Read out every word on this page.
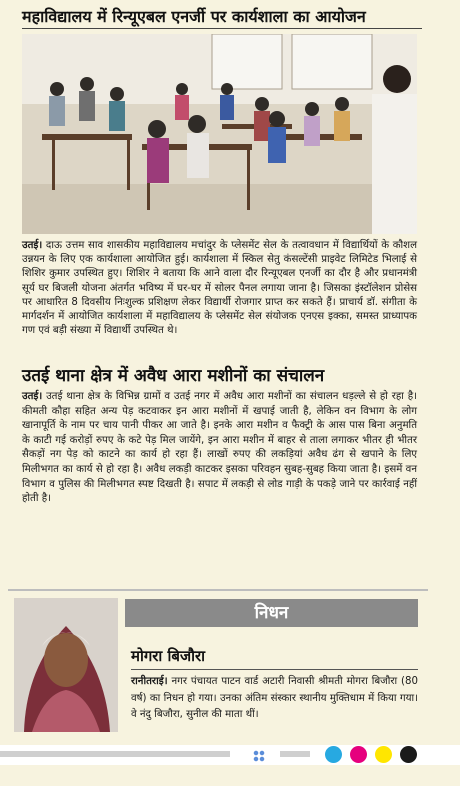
महाविद्यालय में रिन्यूएबल एनर्जी पर कार्यशाला का आयोजन
उतई। दाऊ उत्तम साव शासकीय महाविद्यालय मचांदुर के प्लेसमेंट सेल के तत्वावधान में विद्यार्थियों के कौशल उन्नयन के लिए एक कार्यशाला आयोजित हुई। कार्यशाला में स्किल सेतु कंसल्टेंसी प्राइवेट लिमिटेड भिलाई से शिशिर कुमार उपस्थित हुए। शिशिर ने बताया कि आने वाला दौर रिन्यूएबल एनर्जी का दौर है और प्रधानमंत्री सूर्य घर बिजली योजना अंतर्गत भविष्य में घर-घर में सोलर पैनल लगाया जाना है। जिसका इंस्टॉलेशन प्रोसेस पर आधारित 8 दिवसीय निःशुल्क प्रशिक्षण लेकर विद्यार्थी रोजगार प्राप्त कर सकते हैं। प्राचार्य डॉ. संगीता के मार्गदर्शन में आयोजित कार्यशाला में महाविद्यालय के प्लेसमेंट सेल संयोजक एनएस इक्का, समस्त प्राध्यापक गण एवं बड़ी संख्या में विद्यार्थी उपस्थित थे।
उतई थाना क्षेत्र में अवैध आरा मशीनों का संचालन
उतई। उतई थाना क्षेत्र के विभिन्न ग्रामों व उतई नगर में अवैध आरा मशीनों का संचालन धड़ल्ले से हो रहा है। कीमती कौहा सहित अन्य पेड़ कटवाकर इन आरा मशीनों में खपाई जाती है, लेकिन वन विभाग के लोग खानापूर्ति के नाम पर चाय पानी पीकर आ जाते है। इनके आरा मशीन व फैक्ट्री के आस पास बिना अनुमति के काटी गई करोड़ों रुपए के कटे पेड़ मिल जायेंगे, इन आरा मशीन में बाहर से ताला लगाकर भीतर ही भीतर सैकड़ों नग पेड़ को काटने का कार्य हो रहा हैं। लाखों रुपए की लकड़ियां अवैध ढंग से खपाने के लिए मिलीभगत का कार्य से हो रहा है। अवैध लकड़ी काटकर इसका परिवहन सुबह-सुबह किया जाता है। इसमें वन विभाग व पुलिस की मिलीभगत स्पष्ट दिखती है। सपाट में लकड़ी से लोड गाड़ी के पकड़े जाने पर कार्रवाई नहीं होती है।
निधन
मोगरा बिजौरा
रानीतराई। नगर पंचायत पाटन वार्ड अटारी निवासी श्रीमती मोगरा बिजौरा (80 वर्ष) का निधन हो गया। उनका अंतिम संस्कार स्थानीय मुक्तिधाम में किया गया। वे नंदु बिजौरा, सुनील की माता थीं।
